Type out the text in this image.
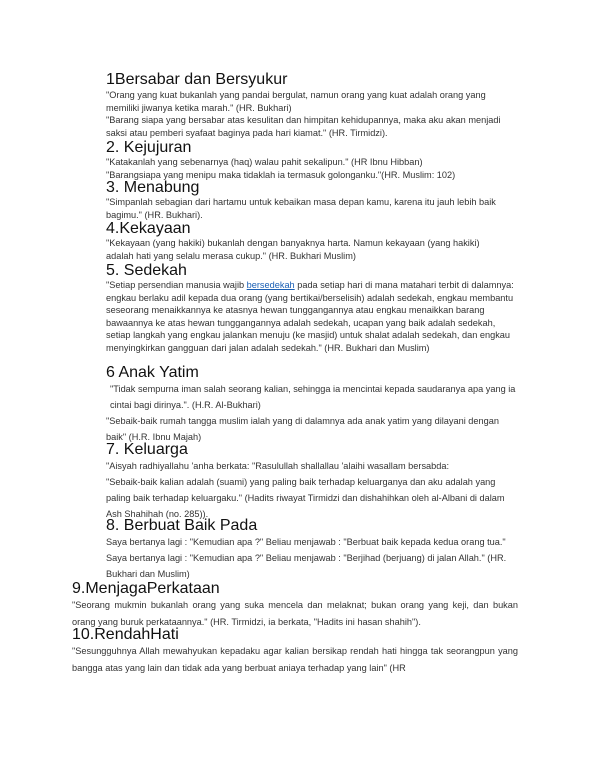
1Bersabar dan Bersyukur

"Orang yang kuat bukanlah yang pandai bergulat, namun orang yang kuat adalah orang yang memiliki jiwanya ketika marah." (HR. Bukhari)

"Barang siapa yang bersabar atas kesulitan dan himpitan kehidupannya, maka aku akan menjadi saksi atau pemberi syafaat baginya pada hari kiamat." (HR. Tirmidzi).

2. Kejujuran

"Katakanlah yang sebenarnya (haq) walau pahit sekalipun." (HR Ibnu Hibban)

"Barangsiapa yang menipu maka tidaklah ia termasuk golonganku."(HR. Muslim: 102)

3. Menabung

"Simpanlah sebagian dari hartamu untuk kebaikan masa depan kamu, karena itu jauh lebih baik bagimu." (HR. Bukhari).

4.Kekayaan

"Kekayaan (yang hakiki) bukanlah dengan banyaknya harta. Namun kekayaan (yang hakiki) adalah hati yang selalu merasa cukup." (HR. Bukhari Muslim)

5. Sedekah

"Setiap persendian manusia wajib bersedekah pada setiap hari di mana matahari terbit di dalamnya: engkau berlaku adil kepada dua orang (yang bertikai/berselisih) adalah sedekah, engkau membantu seseorang menaikkannya ke atasnya hewan tunggangannya atau engkau menaikkan barang bawaannya ke atas hewan tunggangannya adalah sedekah, ucapan yang baik adalah sedekah, setiap langkah yang engkau jalankan menuju (ke masjid) untuk shalat adalah sedekah, dan engkau menyingkirkan gangguan dari jalan adalah sedekah." (HR. Bukhari dan Muslim)

6 Anak Yatim

"Tidak sempurna iman salah seorang kalian, sehingga ia mencintai kepada saudaranya apa yang ia cintai bagi dirinya.". (H.R. Al-Bukhari)

"Sebaik-baik rumah tangga muslim ialah yang di dalamnya ada anak yatim yang dilayani dengan baik" (H.R. Ibnu Majah)

7. Keluarga

"Aisyah radhiyallahu 'anha berkata: "Rasulullah shallallau 'alaihi wasallam bersabda:

"Sebaik-baik kalian adalah (suami) yang paling baik terhadap keluarganya dan aku adalah yang paling baik terhadap keluargaku." (Hadits riwayat Tirmidzi dan dishahihkan oleh al-Albani di dalam Ash Shahihah (no. 285)).

8. Berbuat Baik Pada

Saya bertanya lagi : "Kemudian apa ?" Beliau menjawab : "Berbuat baik kepada kedua orang tua." Saya bertanya lagi : "Kemudian apa ?" Beliau menjawab : "Berjihad (berjuang) di jalan Allah." (HR. Bukhari dan Muslim)

9.MenjagaPerkataan

"Seorang mukmin bukanlah orang yang suka mencela dan melaknat; bukan orang yang keji, dan bukan orang yang buruk perkataannya." (HR. Tirmidzi, ia berkata, "Hadits ini hasan shahih").

10.RendahHati

"Sesungguhnya Allah mewahyukan kepadaku agar kalian bersikap rendah hati hingga tak seorangpun yang bangga atas yang lain dan tidak ada yang berbuat aniaya terhadap yang lain" (HR
